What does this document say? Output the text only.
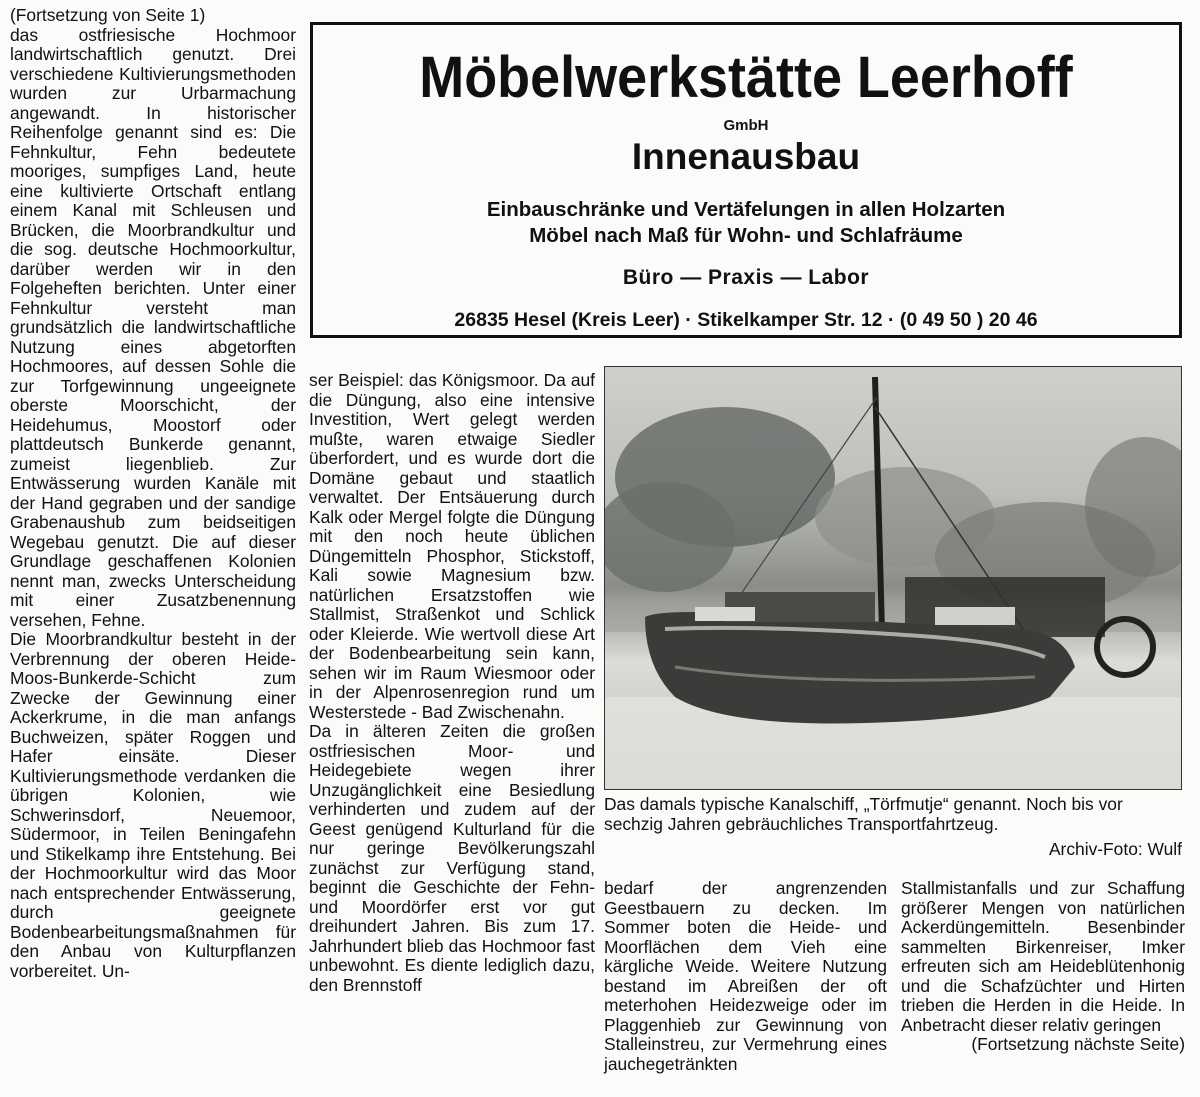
(Fortsetzung von Seite 1)

das ostfriesische Hochmoor landwirtschaftlich genutzt. Drei verschiedene Kultivierungsmethoden wurden zur Urbarmachung angewandt. In historischer Reihenfolge genannt sind es: Die Fehnkultur, Fehn bedeutete mooriges, sumpfiges Land, heute eine kultivierte Ortschaft entlang einem Kanal mit Schleusen und Brücken, die Moorbrandkultur und die sog. deutsche Hochmoorkultur, darüber werden wir in den Folgeheften berichten. Unter einer Fehnkultur versteht man grundsätzlich die landwirtschaftliche Nutzung eines abgetorften Hochmoores, auf dessen Sohle die zur Torfgewinnung ungeeignete oberste Moorschicht, der Heidehumus, Moostorf oder plattdeutsch Bunkerde genannt, zumeist liegenblieb. Zur Entwässerung wurden Kanäle mit der Hand gegraben und der sandige Grabenaushub zum beidseitigen Wegebau genutzt. Die auf dieser Grundlage geschaffenen Kolonien nennt man, zwecks Unterscheidung mit einer Zusatzbenennung versehen, Fehne.

Die Moorbrandkultur besteht in der Verbrennung der oberen Heide-Moos-Bunkerde-Schicht zum Zwecke der Gewinnung einer Ackerkrume, in die man anfangs Buchweizen, später Roggen und Hafer einsäte. Dieser Kultivierungsmethode verdanken die übrigen Kolonien, wie Schwerinsdorf, Neuemoor, Südermoor, in Teilen Beningafehn und Stikelkamp ihre Entstehung. Bei der Hochmoorkultur wird das Moor nach entsprechender Entwässerung, durch geeignete Bodenbearbeitungsmaßnahmen für den Anbau von Kulturpflanzen vorbereitet. Un-

Möbelwerkstätte Leerhoff
GmbH
Innenausbau
Einbauschränke und Vertäfelungen in allen Holzarten
Möbel nach Maß für Wohn- und Schlafräume
Büro — Praxis — Labor
26835 Hesel (Kreis Leer) · Stikelkamper Str. 12 · (0 49 50 ) 20 46

ser Beispiel: das Königsmoor. Da auf die Düngung, also eine intensive Investition, Wert gelegt werden mußte, waren etwaige Siedler überfordert, und es wurde dort die Domäne gebaut und staatlich verwaltet. Der Entsäuerung durch Kalk oder Mergel folgte die Düngung mit den noch heute üblichen Düngemitteln Phosphor, Stickstoff, Kali sowie Magnesium bzw. natürlichen Ersatzstoffen wie Stallmist, Straßenkot und Schlick oder Kleierde. Wie wertvoll diese Art der Bodenbearbeitung sein kann, sehen wir im Raum Wiesmoor oder in der Alpenrosenregion rund um Westerstede - Bad Zwischenahn.

Da in älteren Zeiten die großen ostfriesischen Moor- und Heidegebiete wegen ihrer Unzugänglichkeit eine Besiedlung verhinderten und zudem auf der Geest genügend Kulturland für die nur geringe Bevölkerungszahl zunächst zur Verfügung stand, beginnt die Geschichte der Fehn- und Moordörfer erst vor gut dreihundert Jahren. Bis zum 17. Jahrhundert blieb das Hochmoor fast unbewohnt. Es diente lediglich dazu, den Brennstoff

Das damals typische Kanalschiff, „Törfmutje“ genannt. Noch bis vor sechzig Jahren gebräuchliches Transportfahrtzeug.
Archiv-Foto: Wulf

bedarf der angrenzenden Geestbauern zu decken. Im Sommer boten die Heide- und Moorflächen dem Vieh eine kärgliche Weide. Weitere Nutzung bestand im Abreißen der oft meterhohen Heidezweige oder im Plaggenhieb zur Gewinnung von Stalleinstreu, zur Vermehrung eines jauchegetränkten

Stallmistanfalls und zur Schaffung größerer Mengen von natürlichen Ackerdüngemitteln. Besenbinder sammelten Birkenreiser, Imker erfreuten sich am Heideblütenhonig und die Schafzüchter und Hirten trieben die Herden in die Heide. In Anbetracht dieser relativ geringen

(Fortsetzung nächste Seite)
